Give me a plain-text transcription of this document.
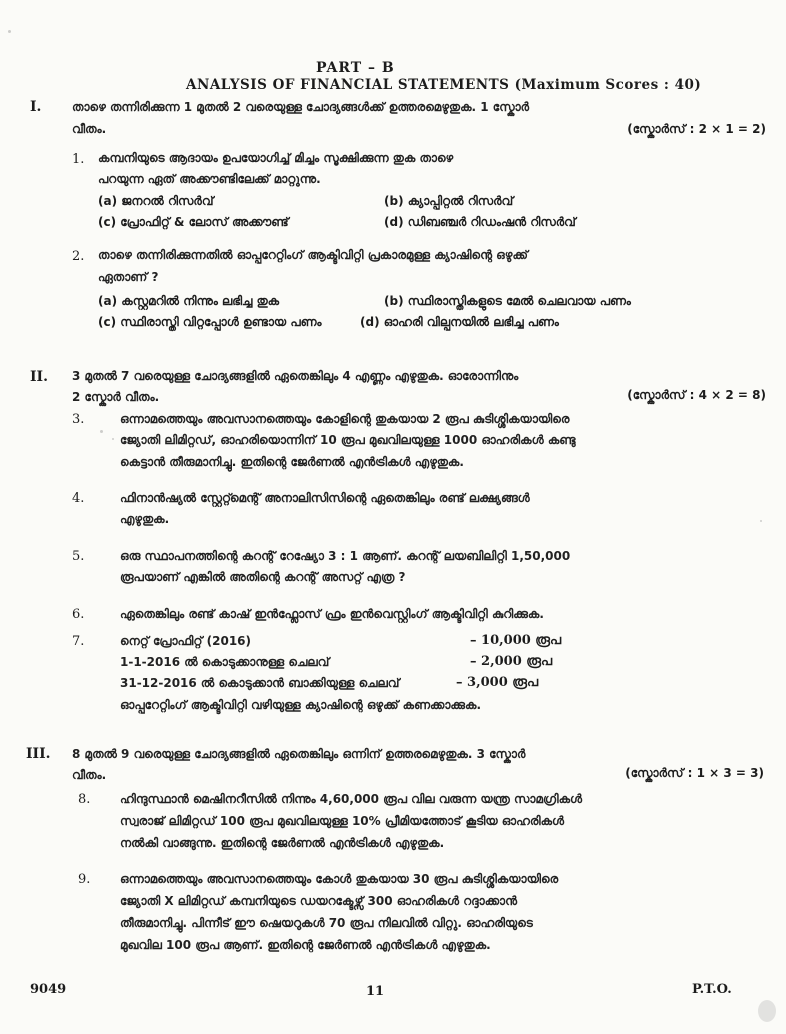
PART – B
ANALYSIS OF FINANCIAL STATEMENTS (Maximum Scores : 40)
I.	താഴെ തന്നിരിക്കുന്ന 1 മുതൽ 2 വരെയുള്ള ചോദ്യങ്ങൾക്ക് ഉത്തരമെഴുതുക. 1 സ്കോർ
വീതം.	(സ്കോർസ് : 2 × 1 = 2)
1. കമ്പനിയുടെ ആദായം ഉപയോഗിച്ച് മിച്ചം സൂക്ഷിക്കുന്ന തുക താഴെ
പറയുന്ന ഏത് അക്കൗണ്ടിലേക്ക് മാറ്റുന്നു.
(a) ജനറൽ റിസർവ്	(b) ക്യാപ്പിറ്റൽ റിസർവ്
(c) പ്രോഫിറ്റ് & ലോസ് അക്കൗണ്ട്	(d) ഡിബഞ്ചർ റിഡംഷൻ റിസർവ്
2. താഴെ തന്നിരിക്കുന്നതിൽ ഓപ്പറേറ്റിംഗ് ആക്ടിവിറ്റി പ്രകാരമുള്ള ക്യാഷിന്റെ ഒഴുക്ക്
ഏതാണ് ?
(a) കസ്റ്റമറിൽ നിന്നും ലഭിച്ച തുക	(b) സ്ഥിരാസ്തികളുടെ മേൽ ചെലവായ പണം
(c) സ്ഥിരാസ്തി വിറ്റപ്പോൾ ഉണ്ടായ പണം	(d) ഓഹരി വില്പനയിൽ ലഭിച്ച പണം
II. 3 മുതൽ 7 വരെയുള്ള ചോദ്യങ്ങളിൽ ഏതെങ്കിലും 4 എണ്ണം എഴുതുക. ഓരോന്നിനും
2 സ്കോർ വീതം.	(സ്കോർസ് : 4 × 2 = 8)
3.	ഒന്നാമത്തെയും അവസാനത്തെയും കോളിന്റെ തുകയായ 2 രൂപ കുടിശ്ശികയായിരെ
ജ്യോതി ലിമിറ്റഡ്, ഓഹരിയൊന്നിന് 10 രൂപ മുഖവിലയുള്ള 1000 ഓഹരികൾ കണ്ടു
കെട്ടാൻ തീരുമാനിച്ചു. ഇതിന്റെ ജേർണൽ എൻട്രികൾ എഴുതുക.
4.	ഫിനാൻഷ്യൽ സ്റ്റേറ്റ്മെന്റ് അനാലിസിസിന്റെ ഏതെങ്കിലും രണ്ട് ലക്ഷ്യങ്ങൾ
എഴുതുക.
5.	ഒരു സ്ഥാപനത്തിന്റെ കറന്റ് റേഷ്യോ 3 : 1 ആണ്. കറന്റ് ലയബിലിറ്റി 1,50,000
രൂപയാണ് എങ്കിൽ അതിന്റെ കറന്റ് അസറ്റ് എത്ര ?
6.	ഏതെങ്കിലും രണ്ട് കാഷ് ഇൻഫ്ലോസ് ഫ്രം ഇൻവെസ്റ്റിംഗ് ആക്ടിവിറ്റി കുറിക്കുക.
7.	നെറ്റ് പ്രോഫിറ്റ് (2016)	– 10,000 രൂപ
1-1-2016 ൽ കൊടുക്കാനുള്ള ചെലവ്	– 2,000 രൂപ
31-12-2016 ൽ കൊടുക്കാൻ ബാക്കിയുള്ള ചെലവ്	– 3,000 രൂപ
ഓപ്പറേറ്റിംഗ് ആക്ടിവിറ്റി വഴിയുള്ള ക്യാഷിന്റെ ഒഴുക്ക് കണക്കാക്കുക.
III. 8 മുതൽ 9 വരെയുള്ള ചോദ്യങ്ങളിൽ ഏതെങ്കിലും ഒന്നിന് ഉത്തരമെഴുതുക. 3 സ്കോർ
വീതം.	(സ്കോർസ് : 1 × 3 = 3)
8. ഹിന്ദുസ്ഥാൻ മെഷിനറീസിൽ നിന്നും 4,60,000 രൂപ വില വരുന്ന യന്ത്ര സാമഗ്രികൾ
സ്വരാജ് ലിമിറ്റഡ് 100 രൂപ മുഖവിലയുള്ള 10% പ്രീമിയത്തോട് കൂടിയ ഓഹരികൾ
നൽകി വാങ്ങുന്നു. ഇതിന്റെ ജേർണൽ എൻട്രികൾ എഴുതുക.
9. ഒന്നാമത്തെയും അവസാനത്തെയും കോൾ തുകയായ 30 രൂപ കുടിശ്ശികയായിരെ
ജ്യോതി X ലിമിറ്റഡ് കമ്പനിയുടെ ഡയറക്ടേഴ്സ് 300 ഓഹരികൾ റദ്ദാക്കാൻ
തീരുമാനിച്ചു. പിന്നീട് ഈ ഷെയറുകൾ 70 രൂപ നിലവിൽ വിറ്റു. ഓഹരിയുടെ
മുഖവില 100 രൂപ ആണ്. ഇതിന്റെ ജേർണൽ എൻട്രികൾ എഴുതുക.
9049	11	P.T.O.
